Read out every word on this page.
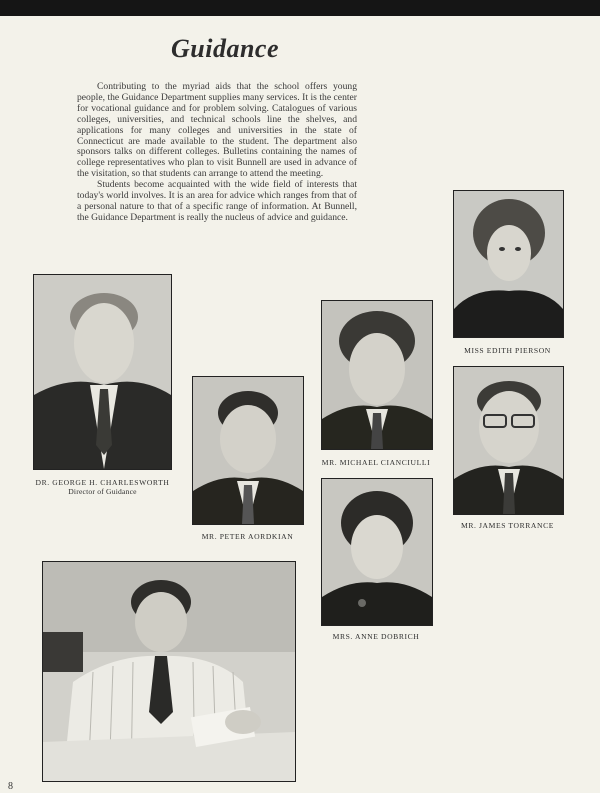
Guidance

Contributing to the myriad aids that the school offers young people, the Guidance Department supplies many services. It is the center for vocational guidance and for problem solving. Catalogues of various colleges, universities, and technical schools line the shelves, and applications for many colleges and universities in the state of Connecticut are made available to the student. The department also sponsors talks on different colleges. Bulletins containing the names of college representatives who plan to visit Bunnell are used in advance of the visitation, so that students can arrange to attend the meeting.

Students become acquainted with the wide field of interests that today's world involves. It is an area for advice which ranges from that of a personal nature to that of a specific range of information. At Bunnell, the Guidance Department is really the nucleus of advice and guidance.

MISS EDITH PIERSON
DR. GEORGE H. CHARLESWORTH
Director of Guidance
MR. MICHAEL CIANCIULLI
MR. JAMES TORRANCE
MR. PETER AORDKIAN
MRS. ANNE DOBRICH
8
